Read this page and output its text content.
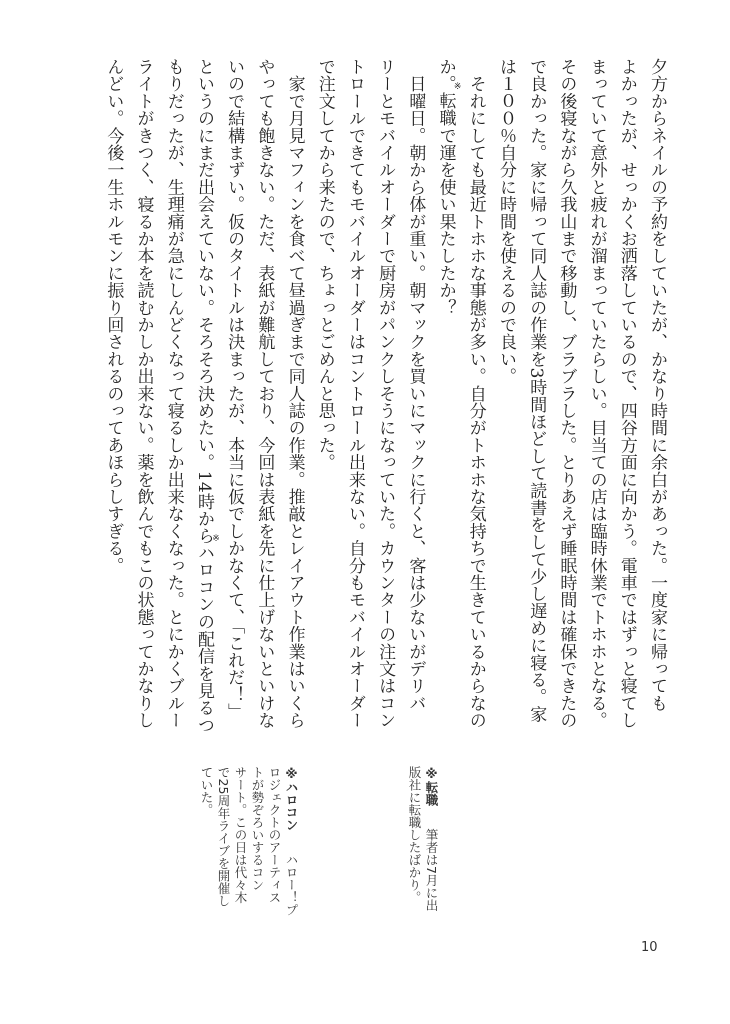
夕方からネイルの予約をしていたが、かなり時間に余白があった。一度家に帰っても
よかったが、せっかくお洒落しているので、四谷方面に向かう。電車ではずっと寝てし
まっていて意外と疲れが溜まっていたらしい。目当ての店は臨時休業でトホホとなる。
その後寝ながら久我山まで移動し、ブラブラした。とりあえず睡眠時間は確保できたの
で良かった。家に帰って同人誌の作業を3時間ほどして読書をして少し遅めに寝る。家
は１００％自分に時間を使えるので良い。
　それにしても最近トホホな事態が多い。自分がトホホな気持ちで生きているからなの
か。
※
転職で運を使い果たしたか？
　日曜日。朝から体が重い。朝マックを買いにマックに行くと、客は少ないがデリバ
リーとモバイルオーダーで厨房がパンクしそうになっていた。カウンターの注文はコン
トロールできてもモバイルオーダーはコントロール出来ない。自分もモバイルオーダー
で注文してから来たので、ちょっとごめんと思った。
　家で月見マフィンを食べて昼過ぎまで同人誌の作業。推敲とレイアウト作業はいくら
やっても飽きない。ただ、表紙が難航しており、今回は表紙を先に仕上げないといけな
いので結構まずい。仮のタイトルは決まったが、本当に仮でしかなくて、「これだ！」
というのにまだ出会えていない。そろそろ決めたい。14時から
※
ハロコンの配信を見るつ
もりだったが、生理痛が急にしんどくなって寝るしか出来なくなった。とにかくブルー
ライトがきつく、寝るか本を読むかしか出来ない。薬を飲んでもこの状態ってかなりし
んどい。今後一生ホルモンに振り回されるのってあほらしすぎる。
※転職　筆者は7月に出
版社に転職したばかり。
※ハロコン　ハロー！プ
ロジェクトのアーティス
トが勢ぞろいするコン
サート。この日は代々木
で25周年ライブを開催し
ていた。
10
